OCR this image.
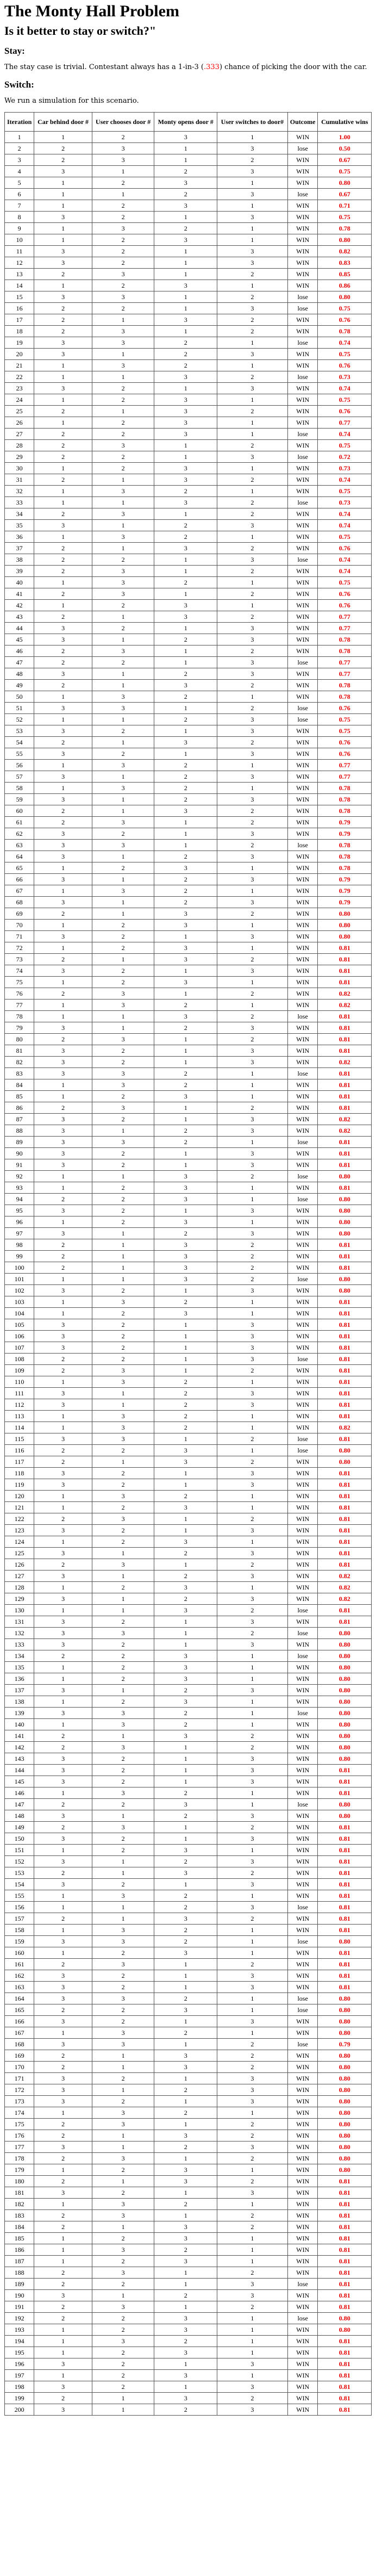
The Monty Hall Problem
Is it better to stay or switch?"
Stay:

The stay case is trivial. Contestant always has a 1-in-3 (.333) chance of picking the door with the car.

Switch:

We run a simulation for this scenario.

Iteration	Car behind door #	User chooses door #	Monty opens door #	User switches to door#	Outcome	Cumulative wins
1	1	2	3	1	WIN	1.00
2	2	3	1	3	lose	0.50
3	2	3	1	2	WIN	0.67
4	3	1	2	3	WIN	0.75
5	1	2	3	1	WIN	0.80
6	1	1	2	3	lose	0.67
7	1	2	3	1	WIN	0.71
8	3	2	1	3	WIN	0.75
9	1	3	2	1	WIN	0.78
10	1	2	3	1	WIN	0.80
11	3	2	1	3	WIN	0.82
12	3	2	1	3	WIN	0.83
13	2	3	1	2	WIN	0.85
14	1	2	3	1	WIN	0.86
15	3	3	1	2	lose	0.80
16	2	2	1	3	lose	0.75
17	2	1	3	2	WIN	0.76
18	2	3	1	2	WIN	0.78
19	3	3	2	1	lose	0.74
20	3	1	2	3	WIN	0.75
21	1	3	2	1	WIN	0.76
22	1	1	3	2	lose	0.73
23	3	2	1	3	WIN	0.74
24	1	2	3	1	WIN	0.75
25	2	1	3	2	WIN	0.76
26	1	2	3	1	WIN	0.77
27	2	2	3	1	lose	0.74
28	2	3	1	2	WIN	0.75
29	2	2	1	3	lose	0.72
30	1	2	3	1	WIN	0.73
31	2	1	3	2	WIN	0.74
32	1	3	2	1	WIN	0.75
33	1	1	3	2	lose	0.73
34	2	3	1	2	WIN	0.74
35	3	1	2	3	WIN	0.74
36	1	3	2	1	WIN	0.75
37	2	1	3	2	WIN	0.76
38	2	2	1	3	lose	0.74
39	2	3	1	2	WIN	0.74
40	1	3	2	1	WIN	0.75
41	2	3	1	2	WIN	0.76
42	1	2	3	1	WIN	0.76
43	2	1	3	2	WIN	0.77
44	3	2	1	3	WIN	0.77
45	3	1	2	3	WIN	0.78
46	2	3	1	2	WIN	0.78
47	2	2	1	3	lose	0.77
48	3	1	2	3	WIN	0.77
49	2	1	3	2	WIN	0.78
50	1	3	2	1	WIN	0.78
51	3	3	1	2	lose	0.76
52	1	1	2	3	lose	0.75
53	3	2	1	3	WIN	0.75
54	2	1	3	2	WIN	0.76
55	3	2	1	3	WIN	0.76
56	1	3	2	1	WIN	0.77
57	3	1	2	3	WIN	0.77
58	1	3	2	1	WIN	0.78
59	3	1	2	3	WIN	0.78
60	2	1	3	2	WIN	0.78
61	2	3	1	2	WIN	0.79
62	3	2	1	3	WIN	0.79
63	3	3	1	2	lose	0.78
64	3	1	2	3	WIN	0.78
65	1	2	3	1	WIN	0.78
66	3	1	2	3	WIN	0.79
67	1	3	2	1	WIN	0.79
68	3	1	2	3	WIN	0.79
69	2	1	3	2	WIN	0.80
70	1	2	3	1	WIN	0.80
71	3	2	1	3	WIN	0.80
72	1	2	3	1	WIN	0.81
73	2	1	3	2	WIN	0.81
74	3	2	1	3	WIN	0.81
75	1	2	3	1	WIN	0.81
76	2	3	1	2	WIN	0.82
77	1	3	2	1	WIN	0.82
78	1	1	3	2	lose	0.81
79	3	1	2	3	WIN	0.81
80	2	3	1	2	WIN	0.81
81	3	2	1	3	WIN	0.81
82	3	2	1	3	WIN	0.82
83	3	3	2	1	lose	0.81
84	1	3	2	1	WIN	0.81
85	1	2	3	1	WIN	0.81
86	2	3	1	2	WIN	0.81
87	3	2	1	3	WIN	0.82
88	3	1	2	3	WIN	0.82
89	3	3	2	1	lose	0.81
90	3	2	1	3	WIN	0.81
91	3	2	1	3	WIN	0.81
92	1	1	3	2	lose	0.80
93	1	2	3	1	WIN	0.81
94	2	2	3	1	lose	0.80
95	3	2	1	3	WIN	0.80
96	1	2	3	1	WIN	0.80
97	3	1	2	3	WIN	0.80
98	2	1	3	2	WIN	0.81
99	2	1	3	2	WIN	0.81
100	2	1	3	2	WIN	0.81
101	1	1	3	2	lose	0.80
102	3	2	1	3	WIN	0.80
103	1	3	2	1	WIN	0.81
104	1	2	3	1	WIN	0.81
105	3	2	1	3	WIN	0.81
106	3	2	1	3	WIN	0.81
107	3	2	1	3	WIN	0.81
108	2	2	1	3	lose	0.81
109	2	3	1	2	WIN	0.81
110	1	3	2	1	WIN	0.81
111	3	1	2	3	WIN	0.81
112	3	1	2	3	WIN	0.81
113	1	3	2	1	WIN	0.81
114	1	3	2	1	WIN	0.82
115	3	3	1	2	lose	0.81
116	2	2	3	1	lose	0.80
117	2	1	3	2	WIN	0.80
118	3	2	1	3	WIN	0.81
119	3	2	1	3	WIN	0.81
120	1	3	2	1	WIN	0.81
121	1	2	3	1	WIN	0.81
122	2	3	1	2	WIN	0.81
123	3	2	1	3	WIN	0.81
124	1	2	3	1	WIN	0.81
125	3	1	2	3	WIN	0.81
126	2	3	1	2	WIN	0.81
127	3	1	2	3	WIN	0.82
128	1	2	3	1	WIN	0.82
129	3	1	2	3	WIN	0.82
130	1	1	3	2	lose	0.81
131	3	2	1	3	WIN	0.81
132	3	3	1	2	lose	0.80
133	3	2	1	3	WIN	0.80
134	2	2	3	1	lose	0.80
135	1	2	3	1	WIN	0.80
136	1	2	3	1	WIN	0.80
137	3	1	2	3	WIN	0.80
138	1	2	3	1	WIN	0.80
139	3	3	2	1	lose	0.80
140	1	3	2	1	WIN	0.80
141	2	1	3	2	WIN	0.80
142	2	3	1	2	WIN	0.80
143	3	2	1	3	WIN	0.80
144	3	2	1	3	WIN	0.81
145	3	2	1	3	WIN	0.81
146	1	3	2	1	WIN	0.81
147	2	2	3	1	lose	0.80
148	3	1	2	3	WIN	0.80
149	2	3	1	2	WIN	0.81
150	3	2	1	3	WIN	0.81
151	1	2	3	1	WIN	0.81
152	3	1	2	3	WIN	0.81
153	2	1	3	2	WIN	0.81
154	3	2	1	3	WIN	0.81
155	1	3	2	1	WIN	0.81
156	1	1	2	3	lose	0.81
157	2	1	3	2	WIN	0.81
158	1	3	2	1	WIN	0.81
159	3	3	2	1	lose	0.80
160	1	2	3	1	WIN	0.81
161	2	3	1	2	WIN	0.81
162	3	2	1	3	WIN	0.81
163	3	2	1	3	WIN	0.81
164	3	3	2	1	lose	0.80
165	2	2	3	1	lose	0.80
166	3	2	1	3	WIN	0.80
167	1	3	2	1	WIN	0.80
168	3	3	1	2	lose	0.79
169	2	1	3	2	WIN	0.80
170	2	1	3	2	WIN	0.80
171	3	2	1	3	WIN	0.80
172	3	1	2	3	WIN	0.80
173	3	2	1	3	WIN	0.80
174	1	3	2	1	WIN	0.80
175	2	3	1	2	WIN	0.80
176	2	1	3	2	WIN	0.80
177	3	1	2	3	WIN	0.80
178	2	3	1	2	WIN	0.80
179	1	2	3	1	WIN	0.80
180	2	1	3	2	WIN	0.81
181	3	2	1	3	WIN	0.81
182	1	3	2	1	WIN	0.81
183	2	3	1	2	WIN	0.81
184	2	1	3	2	WIN	0.81
185	1	2	3	1	WIN	0.81
186	1	3	2	1	WIN	0.81
187	1	2	3	1	WIN	0.81
188	2	3	1	2	WIN	0.81
189	2	2	1	3	lose	0.81
190	3	1	2	3	WIN	0.81
191	2	3	1	2	WIN	0.81
192	2	2	3	1	lose	0.80
193	1	2	3	1	WIN	0.80
194	1	3	2	1	WIN	0.81
195	1	2	3	1	WIN	0.81
196	3	2	1	3	WIN	0.81
197	1	2	3	1	WIN	0.81
198	3	2	1	3	WIN	0.81
199	2	1	3	2	WIN	0.81
200	3	1	2	3	WIN	0.81
